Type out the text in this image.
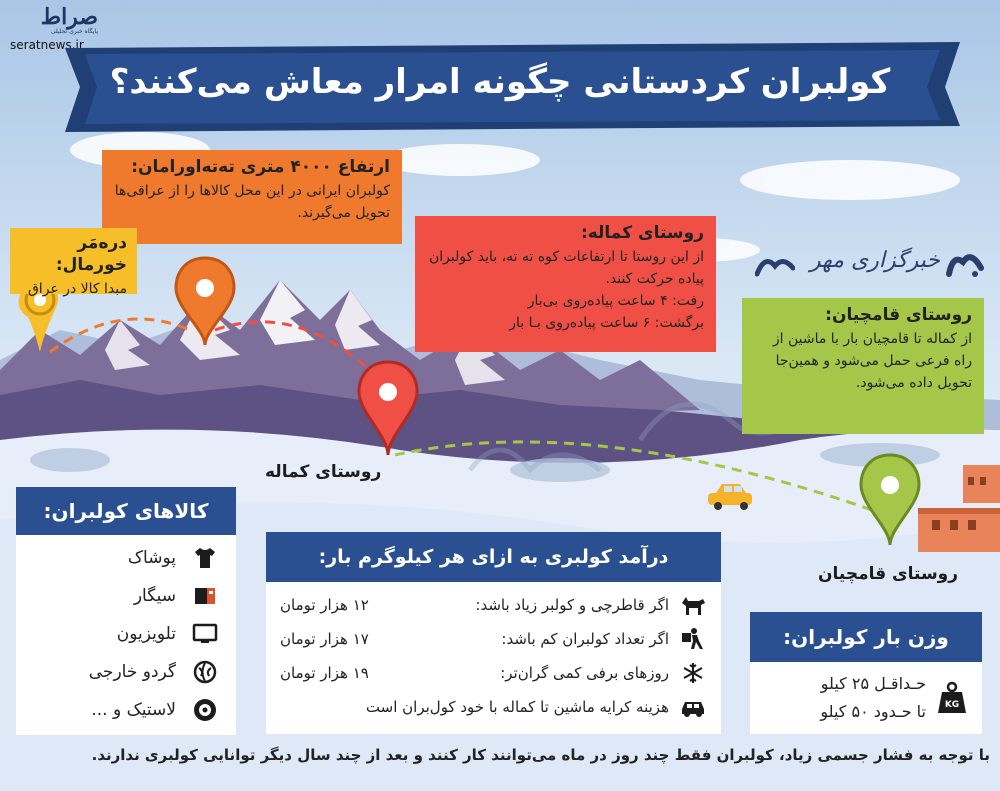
صراط
پایگاه خبری تحلیلی
seratnews.ir
کولبران کردستانی چگونه امرار معاش می‌کنند؟
ارتفاع ۴۰۰۰ متری ته‌ته‌اورامان:
کولبران ایرانی در این محل کالاها را از عراقی‌ها تحویل می‌گیرند.
دره‌مَر خورمال:
مبدا کالا در عراق
روستای کماله:
از این روستا تا ارتفاعات کوه ته ته، باید کولبران پیاده حرکت کنند.
رفت: ۴ ساعت پیاده‌روی بی‌بار
برگشت: ۶ ساعت پیاده‌روی بـا بار
خبرگزاری مهر
روستای قامچیان:
از کماله تا قامچیان بار با ماشین از راه فرعی حمل می‌شود و همین‌جا تحویل داده می‌شود.
روستای کماله
روستای قامچیان
کالاهای کولبران:
پوشاک
سیگار
تلویزیون
گردو خارجی
لاستیک و ...
درآمد کولبری به ازای هر کیلوگرم بار:
اگر قاطرچی و کولبر زیاد باشد:
۱۲ هزار تومان
اگر تعداد کولبران کم باشد:
۱۷ هزار تومان
روزهای برفی کمی گران‌تر:
۱۹ هزار تومان
هزینه کرایه ماشین تا کماله با خود کول‌بران است
وزن بار کولبران:
KG
حـداقـل ۲۵ کیلو
تا حـدود ۵۰ کیلو
با توجه به فشار جسمی زیاد، کولبران فقط چند روز در ماه می‌توانند کار کنند و بعد از چند سال دیگر توانایی کولبری ندارند.
